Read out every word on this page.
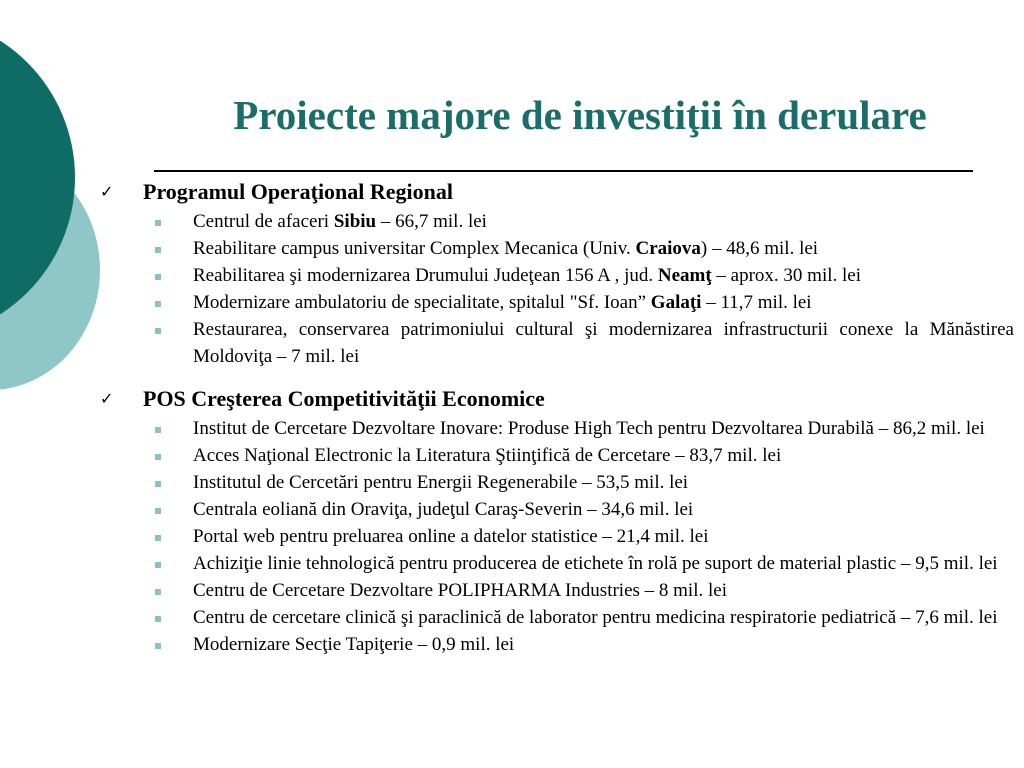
Proiecte majore de investiţii în derulare
✓	Programul Operaţional Regional
Centrul de afaceri Sibiu – 66,7 mil. lei
Reabilitare campus universitar Complex Mecanica (Univ. Craiova) – 48,6 mil. lei
Reabilitarea şi modernizarea Drumului Judeţean 156 A , jud. Neamţ – aprox. 30 mil. lei
Modernizare ambulatoriu de specialitate, spitalul "Sf. Ioan” Galaţi – 11,7 mil. lei
Restaurarea, conservarea patrimoniului cultural şi modernizarea infrastructurii conexe la Mănăstirea Moldoviţa – 7 mil. lei
✓	POS Creşterea Competitivităţii Economice
Institut de Cercetare Dezvoltare Inovare: Produse High Tech pentru Dezvoltarea Durabilă – 86,2 mil. lei
Acces Naţional Electronic la Literatura Ştiinţifică de Cercetare – 83,7 mil. lei
Institutul de Cercetări pentru Energii Regenerabile – 53,5 mil. lei
Centrala eoliană din Oraviţa, judeţul Caraş-Severin – 34,6 mil. lei
Portal web pentru preluarea online a datelor statistice – 21,4 mil. lei
Achiziţie linie tehnologică pentru producerea de etichete în rolă pe suport de material plastic – 9,5 mil. lei
Centru de Cercetare Dezvoltare POLIPHARMA Industries – 8 mil. lei
Centru de cercetare clinică şi paraclinică de laborator pentru medicina respiratorie pediatrică – 7,6 mil. lei
Modernizare Secţie Tapiţerie – 0,9 mil. lei
